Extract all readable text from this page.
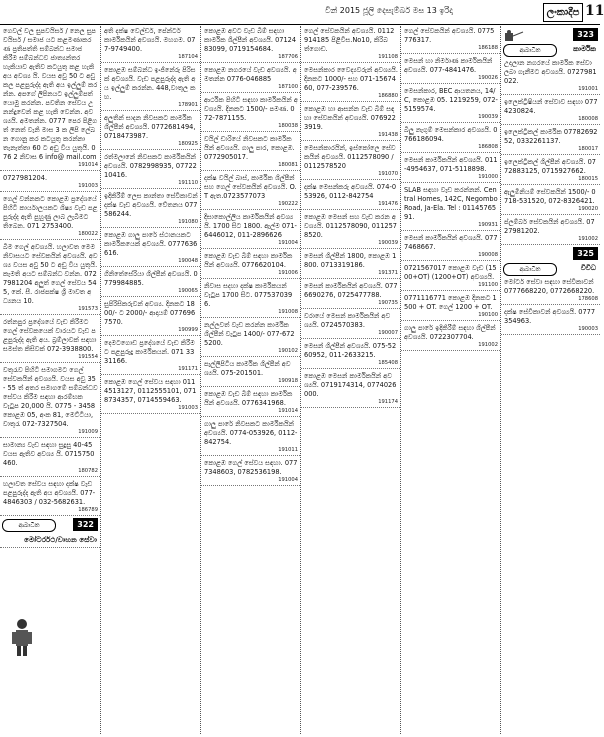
වින් 2015 ජූලි දෙසැම්බර් මස 13 ඉරිදා	ලංකාදීප 11
ගෙවල් වල සුපවයිසර් / නෙල සුපවයිසර් / සමාජ යට කළමණාකරණ ප්‍රතිපත්ති සම්බන්ධ සමාජ කිරීම සම්බන්ධව ජාත්‍යන්තර හැකියාව ඇතිව කටයුතු කළ හැකි අය අවශ්‍ය යි. වයස අවු 50 ට අඩු කල පළපුරුද්ද ඇති අය ඉල්ලුම් කරන්න. අපගේ ලිපිනයට ඉල්ලුම්පත් යොමු කරන්න. පවතින සේවය උනන්දුවෙන් කළ හැකි වෙන්න. අවශ්‍යයි. අමතන්න. 0777 පෙර පිළිගත් නෙත් වැනි මාස 3 ක ලිපි ලේඛන ගොනු කර කටයුතු කරන්නා තැනැත්තා 60 ට අඩු විය යුතුයි. 076 2 නිවාස 6 info@ mail.com
191014
0727981204.
191003
ගෙල් වන්නකට කොළඹ ප්‍රදේශයේ පිහිටි කාර්යාලයකට ශිෂ්‍ය වැඩ පළපුරුද්ද ඇති පුහුණු ලාබ ලැබීමට තිබෙන. 071 2753400.
180022
බිම ගෙල් අවශ්‍යයි. හලාවත මෙම නිවාසයට සේවකයින් අවශ්‍යයි. අවශ්‍ය වයස අවු 50 ට අඩු විය යුතුයි. කැමති අයට සම්බන්ධ වන්න. 072 7981204 අලුත් ගෙල් සේවය 545, කේ. සී. රාජපක්ෂ ශ්‍රී මාවත අධ්‍යනය 10.
191573
රත්නපුර ප්‍රදේශයේ වැඩ කිරීමට ගෙල් සේවකයෙක් වාරයට වැඩ පළපුරුද්ද ඇති අය. බ්‍රම්ලාවක් සඳහා සමස්ත කිසිවක් 072-3938800.
191554
වතුරැව පිහිටි සමාගමට ගෙල් සේවකයින් අවශ්‍යයි. වයස අවු 35 - 55 ත් අතර සමාගමේ සම්බන්ධව සේවය කිරීම සඳහා ආරම්භක වැටුප 20,000 යි. 0775 - 3458 කොළඹ 05, අංක 81, මෙට්ටියා, වාතුරැ 072-7327504.
191009
සාමාන්‍ය වැඩ සඳහා සුදුසු 40-45 වයස ඇතිව අවශ්‍ය යි. 0715750460.
180782
හලාවත සේවය සඳහා දක්ෂ වැඩ පළපුරුද්ද ඇති අය අවශ්‍යයි. 077-4846303 / 032-5682631.
186789
ආබාධිත	322
මෝටර්රථ/වාහන සේවා
අති දක්ෂ වෙල්ඩර්, පේන්ටර් කාර්මිකයින් අවශ්‍යයි. මහගම. 077-9749400.
187104
කොළඹ සම්බන්ධ ඉංජිනේරු පිරිසක් අවශ්‍යයි. වැඩ පළපුරුද්ද ඇති අය ඉල්ලුම් කරන්න. 448,වාතුල කහ.
178901
අලුතින් සාදන නිවසකට කාර්මික ශිල්පීන් අවශ්‍යයි. 0772681494, 0718473987.
180925
රත්මලානේ නිවසකට කාර්මිකයින් අවශ්‍යයි. 0782998935, 0772210416.
191110
ඉදිකිරීම් ලෙස කාන්තා සේවිකාවන් දක්ෂ වැඩ අවශ්‍යයි. වේතනය 077586244.
191080
කොළඹ ගාලු පාරේ ස්ථානයකට කාර්මිකයෙක් අවශ්‍යයි. 0777636616.
190048
ගිනිතේසේරියා ශිල්පීන් අවශ්‍යයි. 0779984885.
190065
සුපිරිසිකරුවන් අවශ්‍ය. දිනකට 1800/- ට 2000/- ආදායම් 0776967570.
190999
දෙමටගොඩ ප්‍රදේශයේ වැඩ කිරීමට පළපුරුදු කාර්මිකයන්. 071 3331166.
191171
කොළඹ ගෙල් සේවය සඳහා 0114513127, 0112555101, 0718734357, 0714559463.
191003
කොළඹ අවට වැඩ බිම් සඳහා කාර්මික ශිල්පීන් අවශ්‍යයි. 0712483099, 0719154684.
187706
කොළඹ නගරයේ වැඩ අවශ්‍යයි. අමතන්න 0776-046885
187100
ආර්ථික පිහිටි සඳහා කාර්මිකයින් අවශ්‍යයි. දිනකට 1500/- පමණ. 072-7871155.
180038
වයිල් ඩාරියේ නිවසකට කාර්මිකයින් අවශ්‍යයි. ගාලු පාර, කොළඹ. 0772905017.
180081
දක්ෂ වයිල් බාස්, කාර්මික ශිල්පීන් සහ ගෙල් සේවකයින් අවශ්‍යයි. O.T ඇත.0723577073
190222
දිසාකොල්ලිය කාර්මිකයින් අවශ්‍යයි. 1700 සිට 1800. ඇල්ම 071-6446012, 011-2896626
191004
කොළඹ වැඩ බිම් සඳහා කාර්මිකයින් අවශ්‍යයි. 0776620104.
191006
නිවාස සදහා දක්ෂ කාර්මිකයන් වැටුප 1700 සිට. 0775370396.
191008
නල්ලවත් වැඩ කරන්න කාර්මික ශිල්පීන් වැටුප 1400/- 077-6725200.
190102
පැල්ලිපිටිය කාර්මික ශිල්පීන් අවශ්‍යයි. 075-201501.
190918
කොළඹ වැඩ බිම් සඳහා කාර්මිකයින් අවශ්‍යයි. 0776341968.
191014
ගාලු පාරේ නිවසකට කාර්මිකයින් අවශ්‍යයි. 0774-053926, 0112-842754.
191011
කොළඹ ගෙල් සේවය සඳහා. 0777348603, 0782536198.
191004
ගෙල් සේවකයින් අවශ්‍යයි. 0112914185 පිළිවිස.No10, කිරිබත්ගොඩ.
191108
මෙසන්කාර වෛද්‍යවරුන් අවශ්‍යයි. දිනකට 1000/- සහ 071-1567460, 077-239576.
186880
කොළඹ හා ආසන්න වැඩ බිම් සඳහා සේවකයින් අවශ්‍යයි. 0769223919.
191438
මෙසන්කාරයින්, ඉස්කෝලෙ සේවකයින් අවශ්‍යයි. 0112578090 / 0112578520
191070
දක්ෂ මෙසන්කරු අවශ්‍යයි. 074-053926, 0112-842754
191476
කොළඹ මෙසන් සහ වැඩ කරන අවශ්‍යයි. 0112578090, 0112578520.
190039
මෙසන් ශිල්පීන් 1800, කොළඹ 1800. 0713319186.
191371
මෙසන් කාර්මිකයින් අවශ්‍යයි. 0776690276, 0725477788.
190735
වරායේ මෙසන් කාර්මිකයින් අවශ්‍යයි. 0724570383.
190007
මෙසන් ශිල්පීන් අවශ්‍යයි. 075-5260952, 011-2633215.
185408
කොළඹ මෙසන් කාර්මිකයින් අවශ්‍යයි. 0719174314, 0774026000.
191174
ගෙල් සේවකයින් අවශ්‍යයි. 0775776317.
186188
මෙසන් හා නිර්මාණ කාර්මිකයින් අවශ්‍යයි. 077-4841476.
190026
මෙසන්කාර, BEC ආයතනය, 14/C, කොළඹ 05. 1219259, 072-5159574.
190039
බිලු නැගුම් මෙසන්කාර අවශ්‍යයි. 0766186094.
186808
මෙසන් කාර්මිකයින් අවශ්‍යයි. 011-4954637, 071-5118898.
191000
SLAB සඳහා වැඩ කරන්නන්. Central Homes, 142C, Negombo Road, Ja-Ela. Tel : 0114576591.
190931
මෙසන් කාර්මිකයින් අවශ්‍යයි. 0777468667.
190008
0721567017 කොළඹ වැඩ (1500+OT) (1200+OT) අවශ්‍යයි.
191100
0771116771 කොළඹ දිනකට 1500 + OT. ගෙල් 1200 + OT.
190100
ගාලු පාරේ ඉදිකිරීම් සඳහා ශිල්පීන් අවශ්‍යයි. 0722307704.
191002
323
ආබාධිත	කාර්මික
උදලාන නගරයේ කාර්මික සේවා ලබා ගැනීමට අවශ්‍යයි. 0727981022.
191001
ඉලෙක්ට්‍රිෂියන් සේවාව සඳහා 0774230824.
180008
ඉලෙක්ට්‍රිකල් කාර්මික 0778269252, 0332261137.
180017
ඉලෙක්ට්‍රිකල් ශිල්පීන් අවශ්‍යයි. 0772883125, 0715927662.
180015
ඇලුමිනියම් සේවකයින් 1500/- 0718-531520, 072-8326421.
190020
ප්ලම්බර් සේවකයින් අවශ්‍යයි. 0727981202.
191002
325
ආබාධිත	විවිධ
මෝටර් සේවා සඳහා සේවිකාවන් 0777668220, 0772668220.
178608
දක්ෂ සේවිකාවන් අවශ්‍යයි. 0777354963.
190003
